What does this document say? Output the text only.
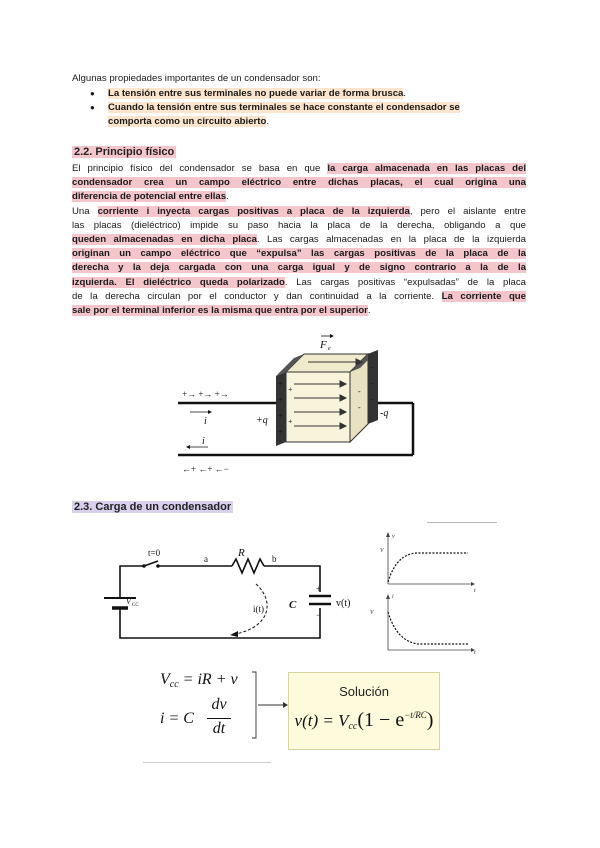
Algunas propiedades importantes de un condensador son:
● La tensión entre sus terminales no puede variar de forma brusca.
● Cuando la tensión entre sus terminales se hace constante el condensador se
comporta como un circuito abierto.
2.2. Principio físico
El principio físico del condensador se basa en que la carga almacenada en las placas del
condensador crea un campo eléctrico entre dichas placas, el cual origina una
diferencia de potencial entre ellas.
Una corriente i inyecta cargas positivas a placa de la izquierda, pero el aislante entre
las placas (dieléctrico) impide su paso hacia la placa de la derecha, obligando a que
queden almacenadas en dicha placa. Las cargas almacenadas en la placa de la izquierda
originan un campo eléctrico que “expulsa” las cargas positivas de la placa de la
derecha y la deja cargada con una carga igual y de signo contrario a la de la
izquierda. El dieléctrico queda polarizado. Las cargas positivas “expulsadas” de la placa
de la derecha circulan por el conductor y dan continuidad a la corriente. La corriente que
sale por el terminal inferior es la misma que entra por el superior.
+
+
+
+
+
+
-
-
-
-
-
F e
+→ +→ +→
i	+q
-q
i
←+ ←+ ←−
2.3. Carga de un condensador
t=0
a	b
R
V CC	i(t) C	v(t)
+
−
v
V
t
i
V
t
Vcc = iR + v
i = C
dv
dt
Solución
$v(t) = Vcc(1 - e^{-t/RC})$
